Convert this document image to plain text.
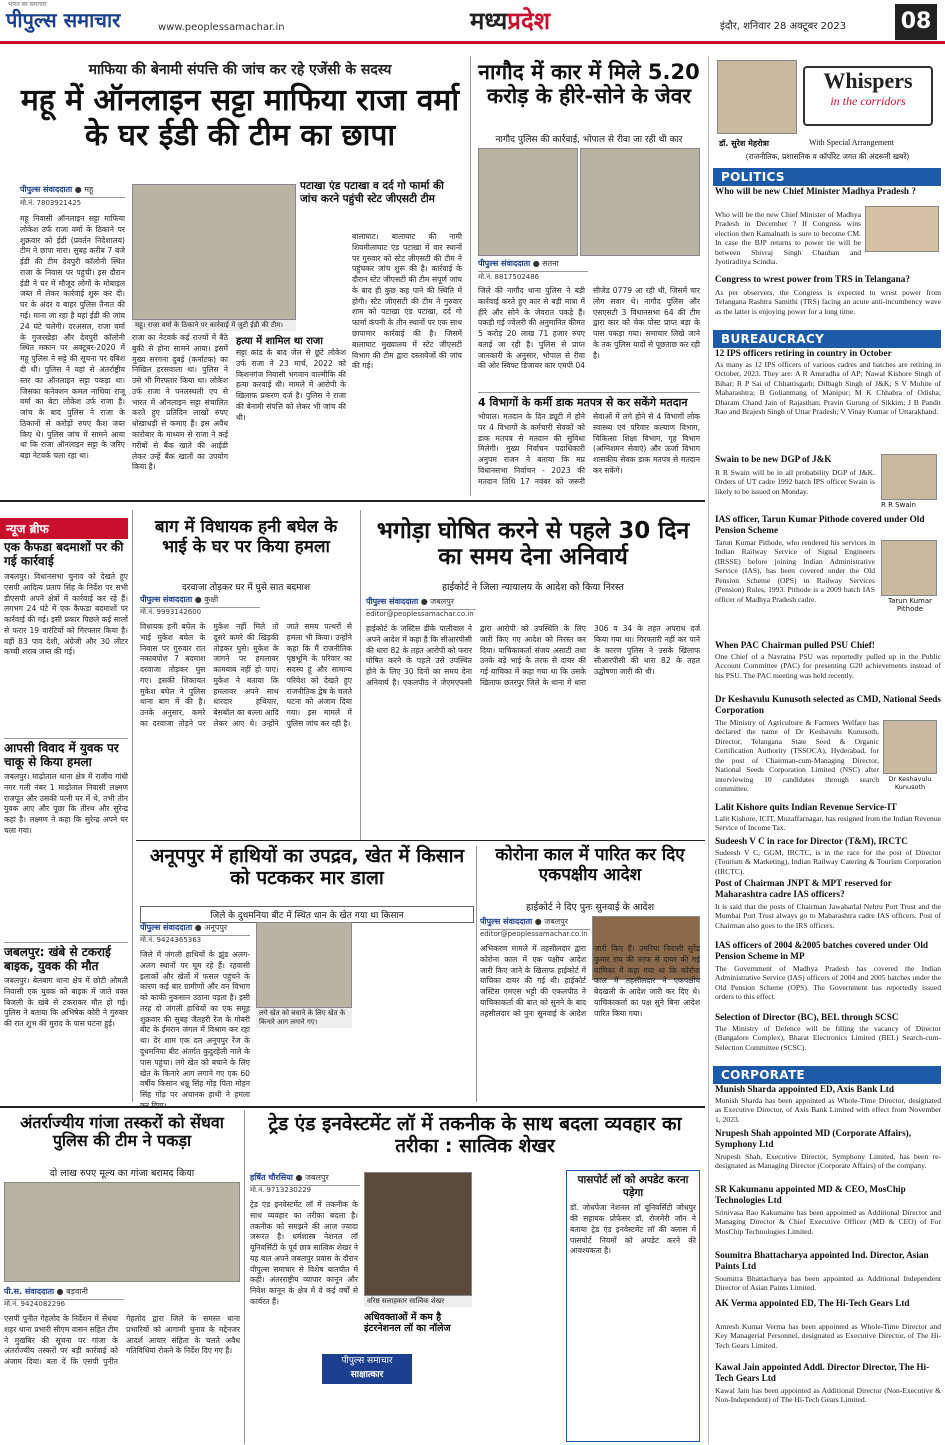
भारत का समाचार
पीपुल्स समाचार	www.peoplessamachar.in	मध्यप्रदेश	इंदौर, शनिवार 28 अक्टूबर 2023 08
माफिया की बेनामी संपत्ति की जांच कर रहे एजेंसी के सदस्य
महू में ऑनलाइन सट्टा माफिया राजा वर्मा के घर ईडी की टीम का छापा
पीपुल्स संवाददाता ● महू
मो.नं. 7803921425
महू निवासी ऑनलाइन सट्टा माफिया लोकेश उर्फ राजा वर्मा के ठिकाने पर शुक्रवार को ईडी (प्रवर्तन निदेशालय) टीम ने छापा मारा। सुबह करीब 7 बजे ईडी की टीम देवपुरी कॉलोनी स्थित राजा के निवास पर पहुंची। इस दौरान ईडी ने घर में मौजूद लोगों के मोबाइल जब्त में लेकर कार्रवाई शुरू कर दी। घर के अंदर व बाहर पुलिस तैनात की गई। माना जा रहा है यहां ईडी की जांच 24 घंटे चलेगी। दरअसल, राजा वर्मा के गुजरखेड़ा और देवपुरी कॉलोनी स्थित मकान पर अक्टूबर-2020 में महू पुलिस ने सट्टे की सूचना पर दबिश दी थी। पुलिस ने यहां से अंतर्राष्ट्रीय स्तर का ऑनलाइन सट्टा पकड़ा था। जिसका कनेक्शन कमल नाथिया राजू वर्मा का बेटा लोकेश उर्फ राजा है। जांच के बाद पुलिस ने राजा के ठिकानों से करोड़ों रुपए कैश जब्त किए थे। पुलिस जांच में सामने आया था कि राजा ऑनलाइन सट्टा के जरिए बड़ा नेटवर्क चला रहा था।
महू। राजा वर्मा के ठिकाने पर कार्रवाई में जुटी ईडी की टीम।
राजा का नेटवर्क कई राज्यों में बैठे बुकी से होना सामने आया। इसमें मुख्य सरगना दुबई (कर्नाटक) का निखिल हरसवाला था। पुलिस ने उसे भी गिरफ्तार किया था। लोकेश उर्फ राजा ने पनलस्थली एप से भारत में ऑनलाइन सट्टा संचालित करते हुए प्रतिदिन लाखों रुपए धोखाधड़ी से कमाए हैं। इस अवैध कारोबार के माध्यम से राजा ने कई गरीबों से बैंक खाते की आईडी लेकर उन्हें बैंक खातों का उपयोग किया है।
हत्या में शामिल था राजा
सट्टा कांड के बाद जेल से छूटे लोकेश उर्फ राजा ने 23 मार्च, 2022 को किशनगंज निवासी भगवान वाल्मीकि की हत्या करवाई थी। मामले में आरोपी के खिलाफ प्रकरण दर्ज है। पुलिस ने राजा की बेनामी संपत्ति को लेकर भी जांच की थी।
पटाखा एंड पटाखा व दर्द गो फार्मा की जांच करने पहुंची स्टेट जीएसटी टीम
बालाघाट। बालाघाट की नामी शिवमीलाघाट एंड पटाखा में वार स्थानों पर गुरुवार को स्टेट जीएसटी की टीम ने पहुंचकर जांच शुरू की है। कार्रवाई के दौरान स्टेट जीएसटी की टीम संपूर्ण जांच के बाद ही कुछ कह पाने की स्थिति में होगी। स्टेट जीएसटी की टीम ने गुरुवार शाम को पटाखा एंड पटाखा, दर्द गो फार्मा कंपनी के तीन स्थानों पर एक साथ छापामार कार्रवाई की है। जिसमें बालाघाट मुख्यालय में स्टेट जीएसटी विभाग की टीम द्वारा दस्तावेजों की जांच की गई।
नागौद में कार में मिले 5.20 करोड़ के हीरे-सोने के जेवर
नागौद पुलिस की कार्रवाई, भोपाल से रीवा जा रही थी कार
पीपुल्स संवाददाता ● सतना
मो.नं. 8817502486
जिले की नागौद थाना पुलिस ने बड़ी कार्रवाई करते हुए कार से बड़ी मात्रा में हीरे और सोने के जेवरात पकड़े हैं। पकड़ी गई ज्वेलरी की अनुमानित कीमत 5 करोड़ 20 लाख 71 हजार रुपए बताई जा रही है। पुलिस से प्राप्त जानकारी के अनुसार, भोपाल से रीवा की ओर स्विफ्ट डिजायर कार एमपी 04 सीजेड 0779 आ रही थी, जिसमें चार लोग सवार थे। नागौद पुलिस और एसएसटी 3 विधानसभा 64 की टीम द्वारा कार को चेक पोस्ट प्राप्त बड़ा के पास पकड़ा गया। समाचार लिखे जाने के तक पुलिस यादों से पूछताछ कर रही है।
4 विभागों के कर्मी डाक मतपत्र से कर सकेंगे मतदान
भोपाल। मतदान के दिन ड्यूटी में होने पर 4 विभागों के कर्मचारी सेवकों को डाक मतपत्र से मतदान की सुविधा मिलेगी। मुख्य निर्वाचन पदाधिकारी अनुपम राजन ने बताया कि मप्र विधानसभा निर्वाचन - 2023 की मतदान तिथि 17 नवंबर को जरूरी सेवाओं में लगे होने से 4 विभागों लोक स्वास्थ्य एवं परिवार कल्याण विभाग, चिकित्सा शिक्षा विभाग, गृह विभाग (अग्निशमन सेवाएं) और ऊर्जा विभाग शासकीय सेवक डाक मतपत्र से मतदान कर सकेंगे।
न्यूज ब्रीफ
एक कैफडा बदमाशों पर की गई कार्रवाई
जबलपुर। विधानसभा चुनाव को देखते हुए एसपी आदित्य प्रताप सिंह के निर्देश पर सभी डीएसपी अपने क्षेत्रों में कार्रवाई कर रहे हैं। लगभग 24 घंटे में एक कैफडा बदमाशों पर कार्रवाई की गई। इसी प्रकार पिछले कई सालों से फरार 19 वारंटियों को गिरफ्तार किया है। वहीं 83 पाव देशी, अंग्रेजी और 30 लीटर कच्ची शराब जब्त की गई।
आपसी विवाद में युवक पर चाकू से किया हमला
जबलपुर। माढ़ोताल थाना क्षेत्र में राजीव गांधी नगर गली नंबर 1 माढ़ोताल निवासी लक्ष्मण राजपूत और उसकी पत्नी घर में थे, तभी तीन युवक आए और पूछा कि तीरथ और सुरेन्द्र कहां है। लक्ष्मण ने कहा कि सुरेन्द्र अपने घर चला गया।
जबलपुर: खंबे से टकराई बाइक, युवक की मौत
जबलपुर। बेलबाग थाना क्षेत्र में छोटी ओमती निवासी एक युवक को बाइक में जाते वक्त बिजली के खंबे से टकराकर मौत हो गई। पुलिस ने बताया कि अभिषेक कोरी ने गुरुवार की रात शुभ की मुराद के पास घटना हुई।
बाग में विधायक हनी बघेल के भाई के घर पर किया हमला
दरवाजा तोड़कर घर में घुसे सात बदमाश
पीपुल्स संवाददाता ● कुक्षी
मो.नं. 9993142600
विधायक हनी बघेल के भाई मुकेश बघेल के निवास पर गुरुवार रात नकाबपोश 7 बदमाश दरवाजा तोड़कर घुस गए। इसकी शिकायत मुकेश बघेल ने पुलिस थाना बाग में की है। उनके अनुसार, कमरे का दरवाजा तोड़ने पर मुकेश नहीं मिले तो दूसरे कमरे की खिड़की तोड़कर घुसे। मुकेश के जागने पर हमलावर कामयाब नहीं हो पाए। मुकेश ने बताया कि हमलावर अपने साथ धारदार हथियार, बेसबॉल का बल्ला आदि लेकर आए थे। उन्होंने जाते समय पत्थरों से हमला भी किया। उन्होंने कहा कि मैं राजनीतिक पृष्ठभूमि के परिवार का सदस्य हूं और सामान्य परिवेश को देखते हुए राजनीतिक द्वेष के चलते घटना को अंजाम दिया गया। इस मामले में पुलिस जांच कर रही है।
भगोड़ा घोषित करने से पहले 30 दिन का समय देना अनिवार्य
हाईकोर्ट ने जिला न्यायालय के आदेश को किया निरस्त
पीपुल्स संवाददाता ● जबलपुर
editor@peoplessamachar.co.in
हाईकोर्ट के जस्टिस डीके पालीवाल ने अपने आदेश में कहा है कि सीआरपीसी की धारा 82 के तहत आरोपी को फरार घोषित करने के पहले उसे उपस्थित होने के लिए 30 दिनों का समय देना अनिवार्य है। एकलपीठ ने जेएमएफसी द्वारा आरोपी को उपस्थिति के लिए जारी किए गए आदेश को निरस्त कर दिया। याचिकाकर्ता संजय असाटी तथा उनके बड़े भाई के तरफ से दायर की गई याचिका में कहा गया था कि उसके खिलाफ छतरपुर जिले के थाना में धारा 306 व 34 के तहत अपराध दर्ज किया गया था। गिरफ्तारी नहीं कर पाने के कारण पुलिस ने उसके खिलाफ सीआरपीसी की धारा 82 के तहत उद्घोषणा जारी की थी।
अनूपपुर में हाथियों का उपद्रव, खेत में किसान को पटककर मार डाला
जिले के दुधमनिया बीट में स्थित धान के खेत गया था किसान
पीपुल्स संवाददाता ● अनूपपुर
मो.नं. 9424365363
जिले में जंगली हाथियों के झुंड अलग-अलग स्थानों पर घूम रहे हैं। रहवासी इलाकों और खेतों में फसल पहुंचने के कारण कई बार ग्रामीणों और वन विभाग को काफी नुकसान उठाना पड़ता है। इसी तरह दो जंगली हाथियों का एक समूह शुक्रवार की सुबह जैतहरी रेंज के गोबरी बीट के ईमरान जंगल में विश्राम कर रहा था। देर शाम एक दल अनूपपुर रेंज के दुधमनिया बीट अंतर्गत कुदुरहेली नाले के पास पहुंचा। लगे खेत को बचाने के लिए खेत के किनारे आग लगाने गए एक 60 वर्षीय किसान धन्नू सिंह गोंड़ पिता मोहन सिंह गोंड़ पर अचानक हाथी ने हमला
लगे खेत को बचाने के लिए खेत के किनारे आग लगाने गए।
कोरोना काल में पारित कर दिए एकपक्षीय आदेश
हाईकोर्ट ने दिए पुनः सुनवाई के आदेश
पीपुल्स संवाददाता ● जबलपुर
editor@peoplessamachar.co.in
अभिकरण मामले में तहसीलदार द्वारा कोरोना काल में एक पक्षीय आदेश जारी किए जाने के खिलाफ हाईकोर्ट में याचिका दायर की गई थी। हाईकोर्ट जस्टिस एमएस भट्टी की एकलपीठ ने याचिकाकर्ता की बात को सुनने के बाद तहसीलदार को पुनः सुनवाई के आदेश जारी किए हैं। उमरिया निवासी सुरेंद्र कुमार राय की तरफ से दायर की गई याचिका में कहा गया था कि कोरोना काल में तहसीलदार ने एकपक्षीय बेदखली के आदेश जारी कर दिए थे। याचिकाकर्ता का पक्ष सुने बिना आदेश पारित किया गया।
अंतर्राज्यीय गांजा तस्करों को सेंधवा पुलिस की टीम ने पकड़ा
दो लाख रुपए मूल्य का गांजा बरामद किया
पी.स. संवाददाता ● बड़वानी
मो.नं. 9424082296
एसपी पुनीत गेहलोद के निर्देशन में सेंधवा शहर थाना प्रभारी सीएम वासन सहित टीम ने मुखबिर की सूचना पर गांजा के अंतर्राज्यीय तस्करों पर बड़ी कार्रवाई को अंजाम दिया। बता दें कि एसपी पुनीत गेहलोद द्वारा जिले के समस्त थाना प्रभारियों को आगामी चुनाव के मद्देनजर आदर्श आचार संहिता के चलते अवैध गतिविधियां रोकने के निर्देश दिए गए हैं।
ट्रेड एंड इनवेस्टमेंट लॉ में तकनीक के साथ बदला व्यवहार का तरीका : सात्विक शेखर
हर्षित चौरसिया ● जबलपुर
मो.नं. 9713230229
ट्रेड एंड इनवेस्टमेंट लॉ में तकनीक के साथ व्यवहार का तरीका बदला है। तकनीक को समझने की आज ज्यादा जरूरत है। धर्मशास्त्र नेशनल लॉ यूनिवर्सिटी के पूर्व छात्र सात्विक शेखर ने यह बात अपने जबलपुर प्रवास के दौरान पीपुल्स समाचार से विशेष बातचीत में कही। अंतरराष्ट्रीय व्यापार कानून और निवेश कानून के क्षेत्र में वे कई वर्षों से कार्यरत हैं।	वरिष्ठ सलाहकार सात्विक शेखर
अधिवक्ताओं में कम है इंटरनेशनल लॉ का नॉलेज
पीपुल्स समाचार
साक्षात्कार
पासपोर्ट लॉ को अपडेट करना पड़ेगा
डॉ. जोधपेजा नेशनल लॉ यूनिवर्सिटी जोधपुर की सहायक प्रोफेसर डॉ. रोजमेरी जॉन ने बताया ट्रेड एंड इनवेस्टमेंट लॉ की क्लास में पासपोर्ट नियमों को अपडेट करने की आवश्यकता है।
Whispers
in the corridors
डॉ. सुरेश मेहरोत्रा	With Special Arrangement
(राजनीतिक, प्रशासनिक व कॉर्पोरेट जगत की अंदरूनी खबरें)
POLITICS
Who will be new Chief Minister Madhya Pradesh ?
Who will be the new Chief Minister of Madhya Pradesh in December ? If Congress wins election then Kamalnath is sure to become CM. In case the BJP returns to power tie will be between Shivraj Singh Chauhan and Jyotiraditya Scindia.
Congress to wrest power from TRS in Telangana?
As per observers, the Congress is expected to wrest power from Telangana Rashtra Samithi (TRS) facing an acute anti-incumbency wave as the latter is enjoying power for a long time.
BUREAUCRACY
12 IPS officers retiring in country in October
As many as 12 IPS officers of various cadres and batches are retiring in October, 2023. They are: A R Anuradha of AP; Nawal Kishore Singh of Bihar; R P Sai of Chhattisgarh; Dilbagh Singh of J&K; S V Mohite of Maharashtra; B Golianmang of Manipur; M K Chhabra of Odisha; Dharam Chand Jain of Rajasthan; Pravin Gurung of Sikkim; J B Pandit Rao and Brajesh Singh of Uttar Pradesh; V Vinay Kumar of Uttarakhand.
Swain to be new DGP of J&K
R R Swain will be in all probability DGP of J&K. Orders of UT cadre 1992 batch IPS officer Swain is likely to be issued on Monday.
R R Swain
IAS officer, Tarun Kumar Pithode covered under Old Pension Scheme
Tarun Kumar Pithode, who rendered his services in Indian Railway Service of Signal Engineers (IRSSE) before joining Indian Administrative Service (IAS), has been covered under the Old Pension Scheme (OPS) in Railway Services (Pension) Rules, 1993. Pithode is a 2009 batch IAS officer of Madhya Pradesh cadre.	Tarun Kumar Pithode
When PAC Chairman pulled PSU Chief!
One Chief of a Navratna PSU was reportedly pulled up in the Public Account Committee (PAC) for presenting G20 achievements instead of his PSU. The PAC meeting was held recently.
Dr Keshavulu Kunusoth selected as CMD, National Seeds Corporation
The Ministry of Agriculture & Farmers Welfare has declared the name of Dr Keshavulu Kunusoth, Director, Telangana State Seed & Organic Certification Authority (TSSOCA), Hyderabad, for the post of Chairman-cum-Managing Director, National Seeds Corporation Limited (NSC) after interviewing 10 candidates through search committee.
Dr Keshavulu Kunusoth
Lalit Kishore quits Indian Revenue Service-IT
Lalit Kishore, ICIT, Muzaffarnagar, has resigned from the Indian Revenue Service of Income Tax.
Sudeesh V C in race for Director (T&M), IRCTC
Sudeesh V C, GGM, IRCTC, is in the race for the post of Director (Tourism & Marketing), Indian Railway Catering & Tourism Corporation (IRCTC).
Post of Chairman JNPT & MPT reserved for Maharashtra cadre IAS officers?
It is said that the posts of Chairman Jawaharlal Nehru Port Trust and the Mumbai Port Trust always go to Maharashtra cadre IAS officers. Post of Chairman also goes to the IRS officers.
IAS officers of 2004 &2005 batches covered under Old Pension Scheme in MP
The Government of Madhya Pradesh has covered the Indian Administrative Service (IAS) officers of 2004 and 2005 batches under the Old Pension Scheme (OPS). The Government has reportedly issued orders to this effect.
Selection of Director (BC), BEL through SCSC
The Ministry of Defence will be filling the vacancy of Director (Bangalore Complex), Bharat Electronics Limited (BEL) Search-cum-Selection Committee (SCSC).
CORPORATE
Munish Sharda appointed ED, Axis Bank Ltd
Munish Sharda has been appointed as Whole-Time Director, designated as Executive Director, of Axis Bank Limited with effect from November 1, 2023.
Nrupesh Shah appointed MD (Corporate Affairs), Symphony Ltd
Nrupesh Shah, Executive Director, Symphony Limited, has been re-designated as Managing Director (Corporate Affairs) of the company.
SR Kakumanu appointed MD & CEO, MosChip Technologies Ltd
Srinivasa Rao Kakumanu has been appointed as Additional Director and Managing Director & Chief Executive Officer (MD & CEO) of For MosChip Technologies Limited.
Soumitra Bhattacharya appointed Ind. Director, Asian Paints Ltd
Soumitra Bhattacharya has been appointed as Additional Independent Director of Asian Paints Limited.
AK Verma appointed ED, The Hi-Tech Gears Ltd
Amresh Kumar Verma has been appointed as Whole-Time Director and Key Managerial Personnel, designated as Executive Director, of The Hi-Tech Gears Limited.
Kawal Jain appointed Addl. Director Director, The Hi-Tech Gears Ltd
Kawal Jain has been appointed as Additional Director (Non-Executive & Non-Independent) of The Hi-Tech Gears Limited.
